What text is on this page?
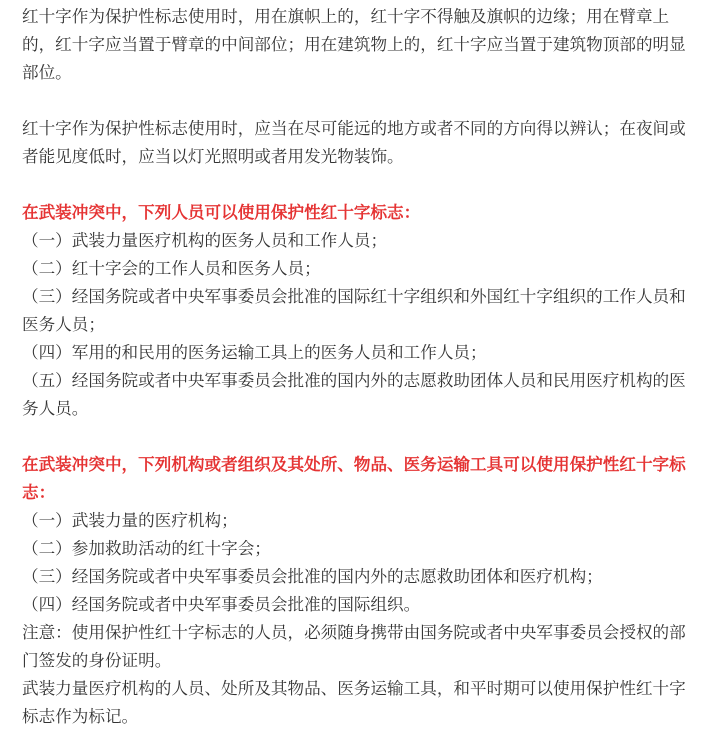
红十字作为保护性标志使用时，用在旗帜上的，红十字不得触及旗帜的边缘；用在臂章上的，红十字应当置于臂章的中间部位；用在建筑物上的，红十字应当置于建筑物顶部的明显部位。

红十字作为保护性标志使用时，应当在尽可能远的地方或者不同的方向得以辨认；在夜间或者能见度低时，应当以灯光照明或者用发光物装饰。

在武装冲突中，下列人员可以使用保护性红十字标志：

（一）武装力量医疗机构的医务人员和工作人员；

（二）红十字会的工作人员和医务人员；

（三）经国务院或者中央军事委员会批准的国际红十字组织和外国红十字组织的工作人员和医务人员；

（四）军用的和民用的医务运输工具上的医务人员和工作人员；

（五）经国务院或者中央军事委员会批准的国内外的志愿救助团体人员和民用医疗机构的医务人员。

在武装冲突中，下列机构或者组织及其处所、物品、医务运输工具可以使用保护性红十字标志：

（一）武装力量的医疗机构；

（二）参加救助活动的红十字会；

（三）经国务院或者中央军事委员会批准的国内外的志愿救助团体和医疗机构；

（四）经国务院或者中央军事委员会批准的国际组织。

注意：使用保护性红十字标志的人员，必须随身携带由国务院或者中央军事委员会授权的部门签发的身份证明。

武装力量医疗机构的人员、处所及其物品、医务运输工具，和平时期可以使用保护性红十字标志作为标记。
